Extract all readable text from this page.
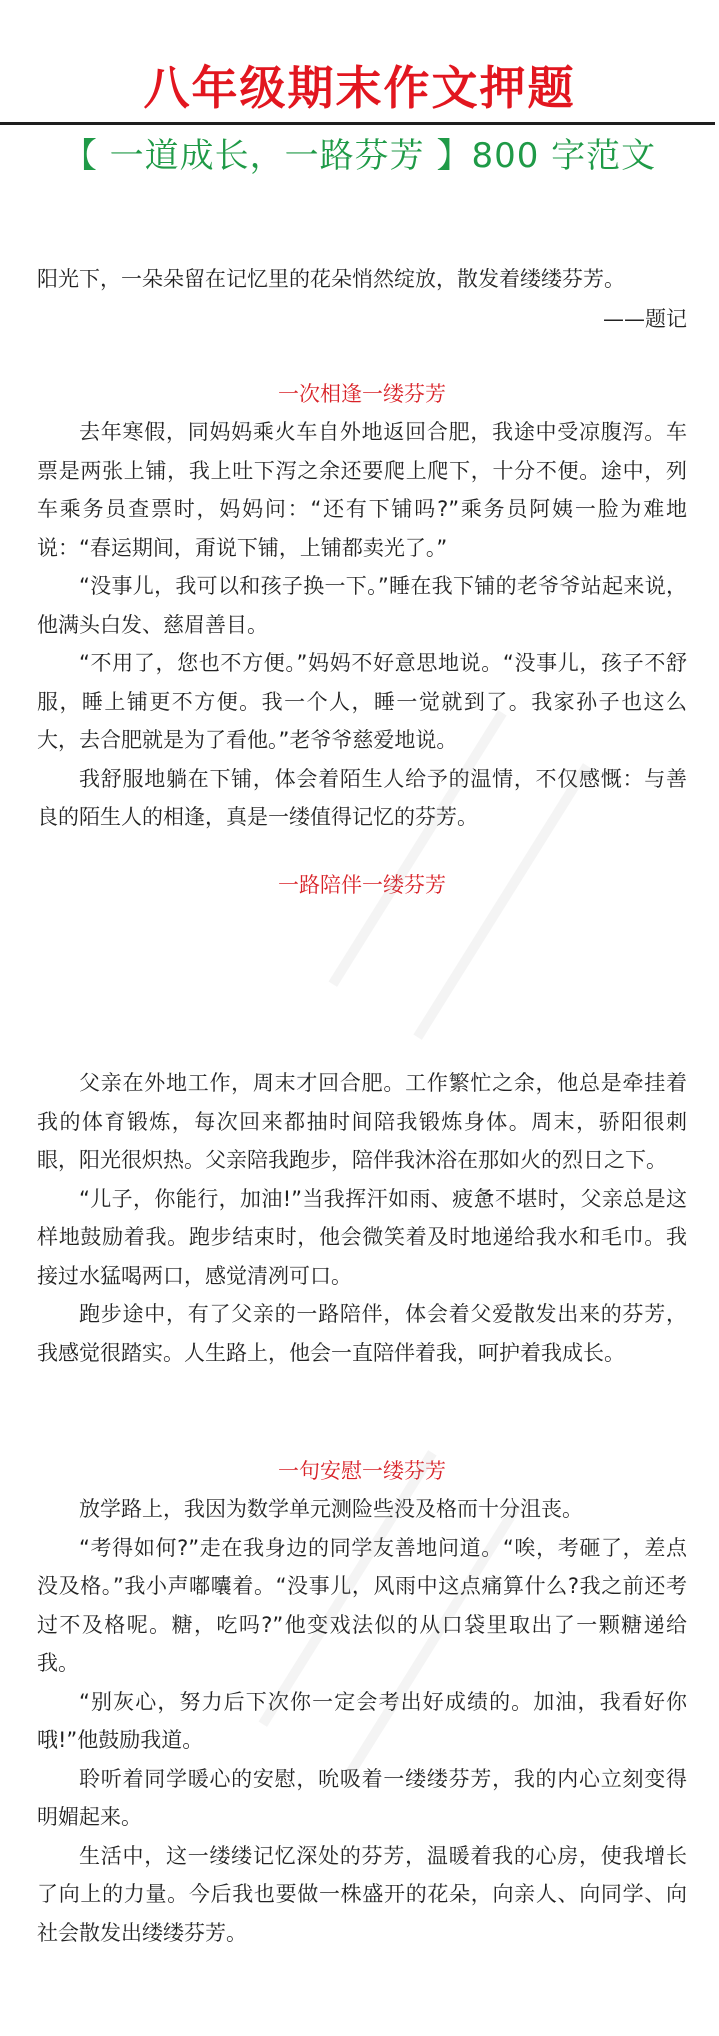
八年级期末作文押题
【 一道成长，一路芬芳 】800 字范文
阳光下，一朵朵留在记忆里的花朵悄然绽放，散发着缕缕芬芳。
——题记

一次相逢一缕芬芳

去年寒假，同妈妈乘火车自外地返回合肥，我途中受凉腹泻。车票是两张上铺，我上吐下泻之余还要爬上爬下，十分不便。途中，列车乘务员查票时，妈妈问：“还有下铺吗?”乘务员阿姨一脸为难地说：“春运期间，甭说下铺，上铺都卖光了。”

“没事儿，我可以和孩子换一下。”睡在我下铺的老爷爷站起来说，他满头白发、慈眉善目。

“不用了，您也不方便。”妈妈不好意思地说。“没事儿，孩子不舒服，睡上铺更不方便。我一个人，睡一觉就到了。我家孙子也这么大，去合肥就是为了看他。”老爷爷慈爱地说。

我舒服地躺在下铺，体会着陌生人给予的温情，不仅感慨：与善良的陌生人的相逢，真是一缕值得记忆的芬芳。

一路陪伴一缕芬芳

父亲在外地工作，周末才回合肥。工作繁忙之余，他总是牵挂着我的体育锻炼，每次回来都抽时间陪我锻炼身体。周末，骄阳很刺眼，阳光很炽热。父亲陪我跑步，陪伴我沐浴在那如火的烈日之下。

“儿子，你能行，加油!”当我挥汗如雨、疲惫不堪时，父亲总是这样地鼓励着我。跑步结束时，他会微笑着及时地递给我水和毛巾。我接过水猛喝两口，感觉清冽可口。

跑步途中，有了父亲的一路陪伴，体会着父爱散发出来的芬芳，我感觉很踏实。人生路上，他会一直陪伴着我，呵护着我成长。

一句安慰一缕芬芳

放学路上，我因为数学单元测险些没及格而十分沮丧。

“考得如何?”走在我身边的同学友善地问道。“唉，考砸了，差点没及格。”我小声嘟囔着。“没事儿，风雨中这点痛算什么?我之前还考过不及格呢。糖，吃吗?”他变戏法似的从口袋里取出了一颗糖递给我。

“别灰心，努力后下次你一定会考出好成绩的。加油，我看好你哦!”他鼓励我道。

聆听着同学暖心的安慰，吮吸着一缕缕芬芳，我的内心立刻变得明媚起来。

生活中，这一缕缕记忆深处的芬芳，温暖着我的心房，使我增长了向上的力量。今后我也要做一株盛开的花朵，向亲人、向同学、向社会散发出缕缕芬芳。
